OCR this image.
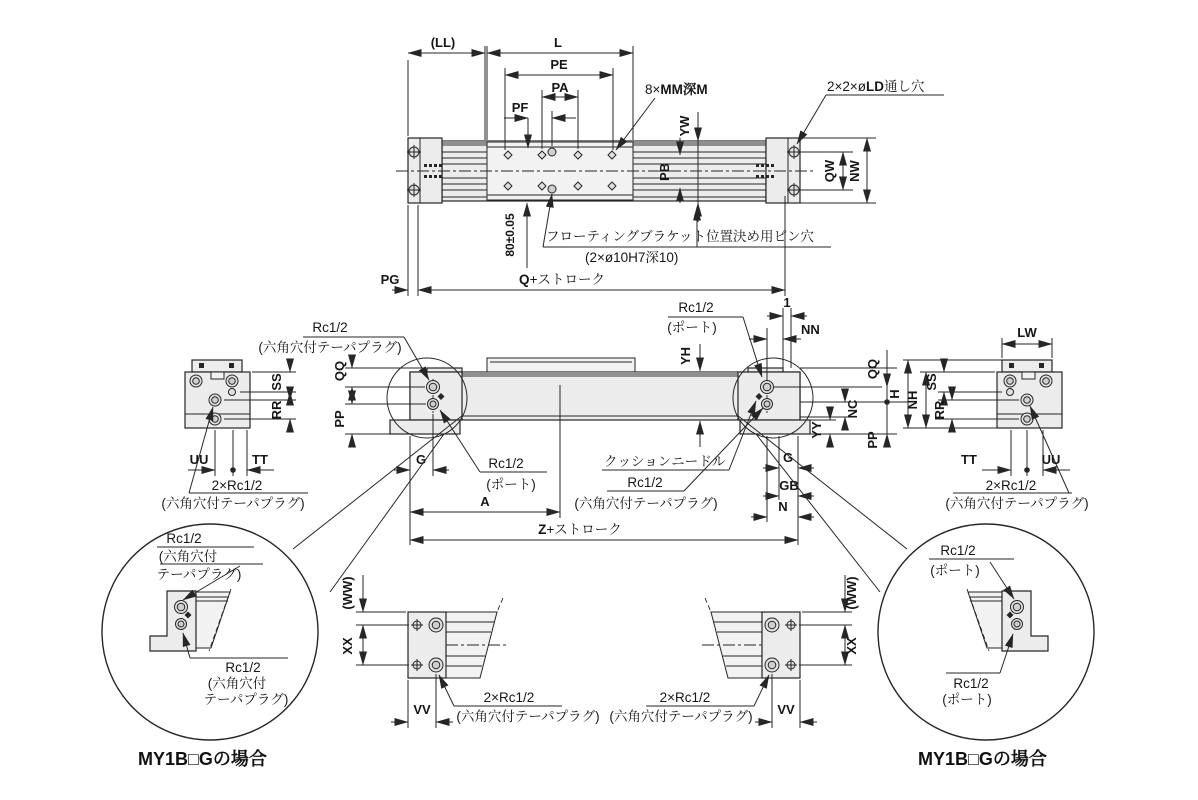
(LL)	L
PE
PA
PF
8×MM深M	2×2×øLD通し穴
YW
PB	QW NW
80±0.05 フローティングブラケット位置決め用ピン穴
(2×ø10H7深10)
PG	Q+ストローク
Rc1/2
(六角穴付テーパプラグ)
QQ
PP
G	Rc1/2
(ポート)
A
Z+ストローク
YH
Rc1/2
(ポート)
1
NN
QQ
PP
NC
YY
クッションニードル
Rc1/2
(六角穴付テーパプラグ)
G
GB
N
SS
RR
UU	TT
2×Rc1/2
(六角穴付テーパプラグ)
LW
H NH
SS
RR
TT	UU
2×Rc1/2
(六角穴付テーパプラグ)
(WW)
XX
VV
2×Rc1/2
(六角穴付テーパプラグ)
(WW)
XX
VV
2×Rc1/2
(六角穴付テーパプラグ)
Rc1/2
(六角穴付
テーパプラグ)
Rc1/2
(六角穴付
テーパプラグ)
MY1B□Gの場合
Rc1/2
(ポート)
Rc1/2
(ポート)
MY1B□Gの場合
